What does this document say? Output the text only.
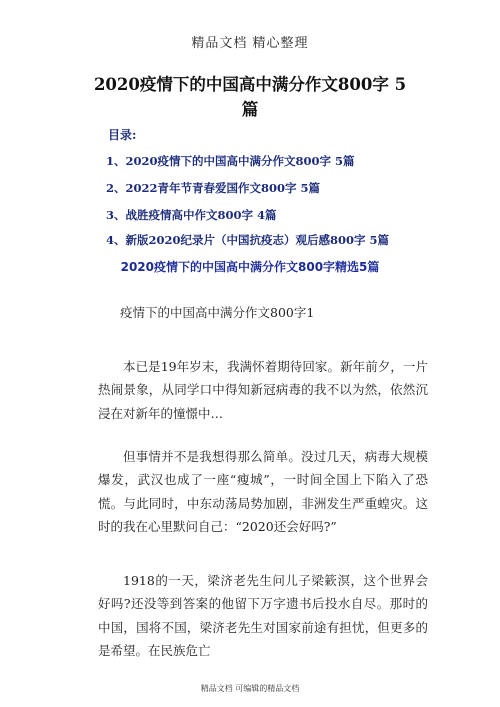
精品文档 精心整理
2020疫情下的中国高中满分作文800字 5
篇
目录:
1、2020疫情下的中国高中满分作文800字 5篇
2、2022青年节青春爱国作文800字 5篇
3、战胜疫情高中作文800字 4篇
4、新版2020纪录片（中国抗疫志）观后感800字 5篇
2020疫情下的中国高中满分作文800字精选5篇
疫情下的中国高中满分作文800字1

本已是19年岁末，我满怀着期待回家。新年前夕，一片热闹景象，从同学口中得知新冠病毒的我不以为然，依然沉浸在对新年的憧憬中…

但事情并不是我想得那么简单。没过几天，病毒大规模爆发，武汉也成了一座“瘦城”，一时间全国上下陷入了恐慌。与此同时，中东动荡局势加剧，非洲发生严重蝗灾。这时的我在心里默问自己：“2020还会好吗?”

1918的一天，梁济老先生问儿子梁簌溟，这个世界会好吗?还没等到答案的他留下万字遗书后投水自尽。那时的中国，国将不国，梁济老先生对国家前途有担忧，但更多的是希望。在民族危亡

精品文档 可编辑的精品文档
